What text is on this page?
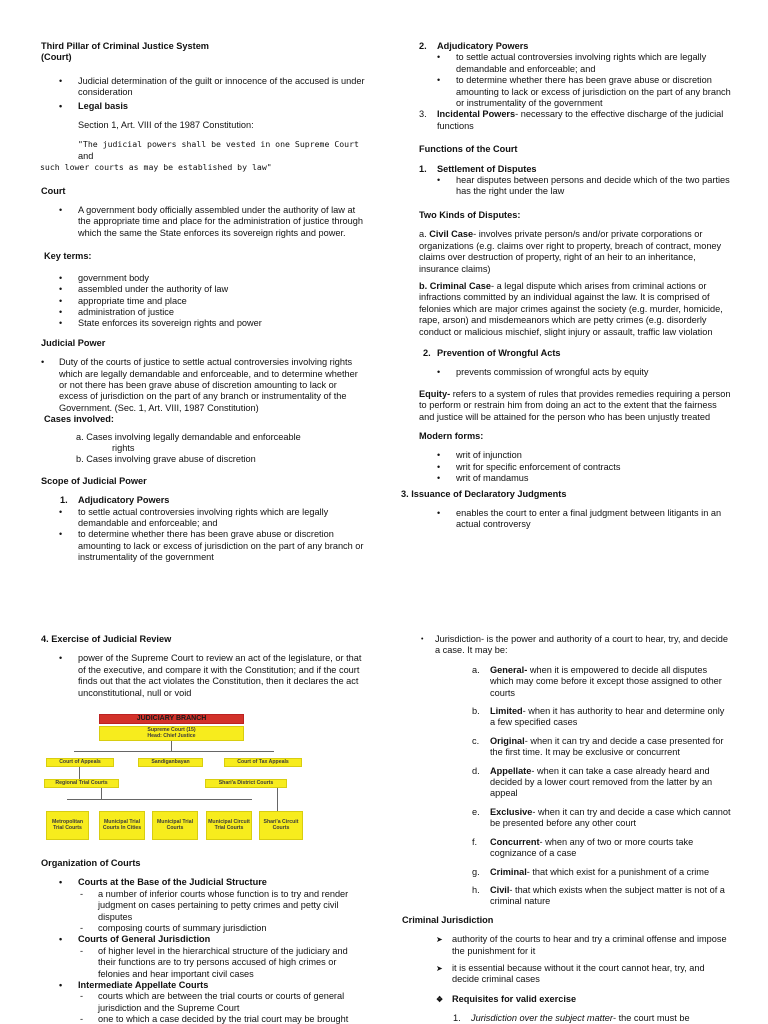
Third Pillar of Criminal Justice System
(Court)
• Judicial determination of the guilt or innocence of the accused is under consideration
• Legal basis
Section 1, Art. VIII of the 1987 Constitution:
"The judicial powers shall be vested in one Supreme Court and
such lower courts as may be established by law"
Court
• A government body officially assembled under the authority of law at the appropriate time and place for the administration of justice through which the same the State enforces its sovereign rights and power.
Key terms:
• government body
• assembled under the authority of law
• appropriate time and place
• administration of justice
• State enforces its sovereign rights and power
Judicial Power
• Duty of the courts of justice to settle actual controversies involving rights which are legally demandable and enforceable, and to determine whether or not there has been grave abuse of discretion amounting to lack or excess of jurisdiction on the part of any branch or instrumentality of the Government. (Sec. 1, Art. VIII, 1987 Constitution)
Cases involved:
a. Cases involving legally demandable and enforceable
rights
b. Cases involving grave abuse of discretion
Scope of Judicial Power
1. Adjudicatory Powers
• to settle actual controversies involving rights which are legally demandable and enforceable; and
• to determine whether there has been grave abuse or discretion amounting to lack or excess of jurisdiction on the part of any branch or instrumentality of the government
2. Adjudicatory Powers
• to settle actual controversies involving rights which are legally demandable and enforceable; and
• to determine whether there has been grave abuse or discretion amounting to lack or excess of jurisdiction on the part of any branch or instrumentality of the government
3. Incidental Powers- necessary to the effective discharge of the judicial functions
Functions of the Court
1. Settlement of Disputes
• hear disputes between persons and decide which of the two parties has the right under the law
Two Kinds of Disputes:
a. Civil Case- involves private person/s and/or private corporations or organizations (e.g. claims over right to property, breach of contract, money claims over destruction of property, right of an heir to an inheritance, insurance claims)
b. Criminal Case- a legal dispute which arises from criminal actions or infractions committed by an individual against the law. It is comprised of felonies which are major crimes against the society (e.g. murder, homicide, rape, arson) and misdemeanors which are petty crimes (e.g. disorderly conduct or malicious mischief, slight injury or assault, traffic law violation
2. Prevention of Wrongful Acts
• prevents commission of wrongful acts by equity
Equity- refers to a system of rules that provides remedies requiring a person to perform or restrain him from doing an act to the extent that the fairness and justice will be attained for the person who has been unjustly treated
Modern forms:
• writ of injunction
• writ for specific enforcement of contracts
• writ of mandamus
3. Issuance of Declaratory Judgments
• enables the court to enter a final judgment between litigants in an actual controversy
4. Exercise of Judicial Review
• power of the Supreme Court to review an act of the legislature, or that of the executive, and compare it with the Constitution; and if the court finds out that the act violates the Constitution, then it declares the act unconstitutional, null or void
JUDICIARY BRANCH
Supreme Court (15)
Head: Chief Justice
Court of Appeals	Sandiganbayan	Court of Tax Appeals
Regional Trial Courts	Shari'a District Courts
Metropolitan Trial Courts
Municipal Trial Courts In Cities
Municipal Trial Courts
Municipal Circuit Trial Courts
Shari'a Circuit Courts
Organization of Courts
• Courts at the Base of the Judicial Structure
- a number of inferior courts whose function is to try and render judgment on cases pertaining to petty crimes and petty civil disputes
- composing courts of summary jurisdiction
• Courts of General Jurisdiction
- of higher level in the hierarchical structure of the judiciary and their functions are to try persons accused of high crimes or felonies and hear important civil cases
• Intermediate Appellate Courts
- courts which are between the trial courts or courts of general jurisdiction and the Supreme Court
- one to which a case decided by the trial court may be brought
• Jurisdiction- is the power and authority of a court to hear, try, and decide a case. It may be:
a. General- when it is empowered to decide all disputes which may come before it except those assigned to other courts
b. Limited- when it has authority to hear and determine only a few specified cases
c. Original- when it can try and decide a case presented for the first time. It may be exclusive or concurrent
d. Appellate- when it can take a case already heard and decided by a lower court removed from the latter by an appeal
e. Exclusive- when it can try and decide a case which cannot be presented before any other court
f. Concurrent- when any of two or more courts take cognizance of a case
g. Criminal- that which exist for a punishment of a crime
h. Civil- that which exists when the subject matter is not of a criminal nature
Criminal Jurisdiction
➤ authority of the courts to hear and try a criminal offense and impose the punishment for it
➤ it is essential because without it the court cannot hear, try, and decide criminal cases
❖ Requisites for valid exercise
1. Jurisdiction over the subject matter- the court must be
